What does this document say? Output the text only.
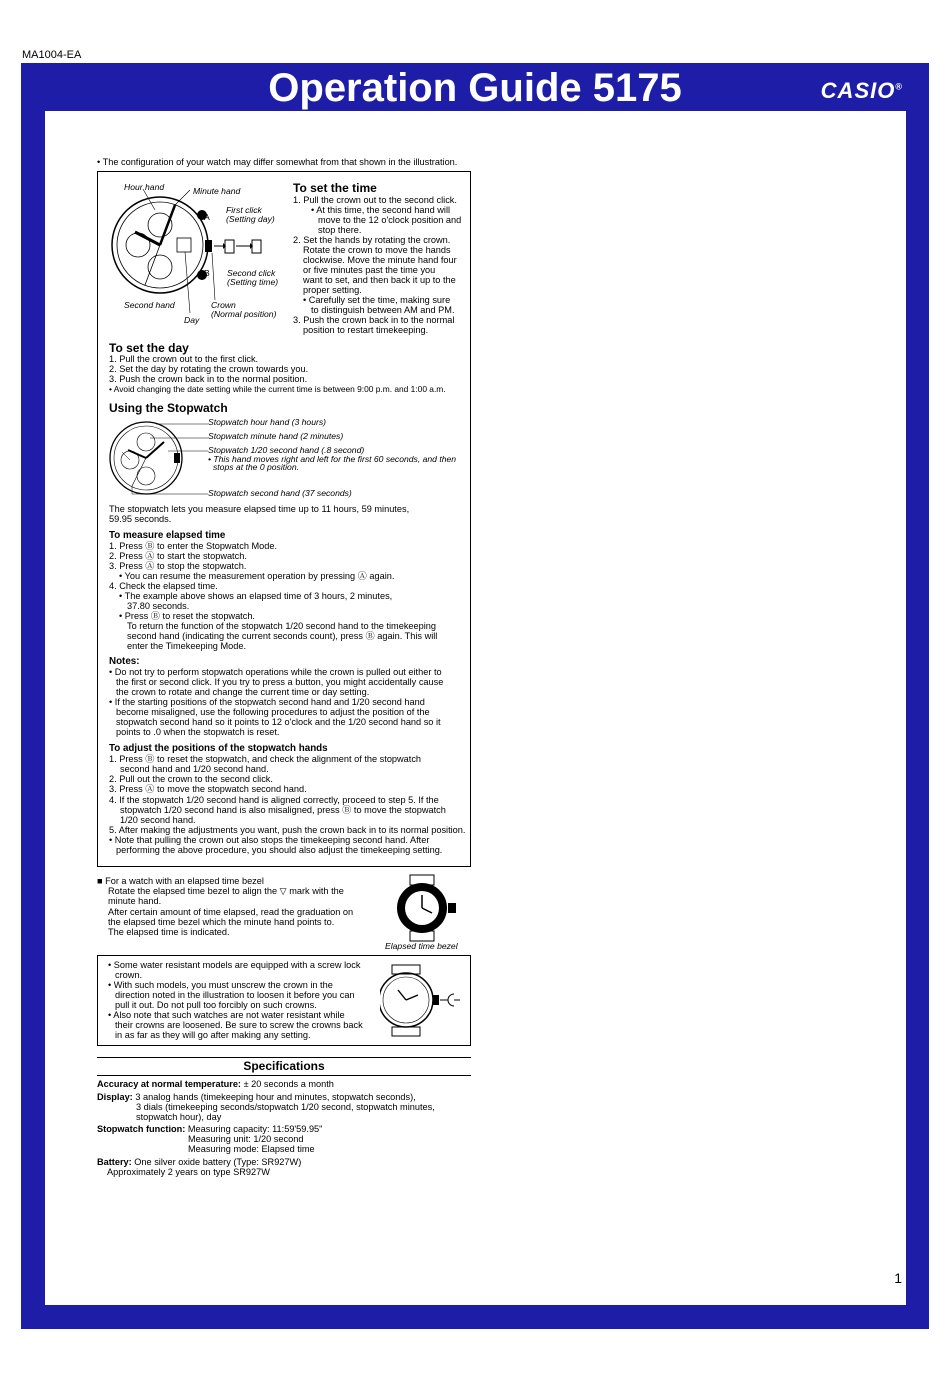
MA1004-EA
Operation Guide 5175	CASIO®
• The configuration of your watch may differ somewhat from that shown in the illustration.
Hour hand	Minute hand
First click
(Setting day)
A
B Second click
(Setting time)
Second hand	Crown
(Normal position)
Day
To set the time
1. Pull the crown out to the second click.
• At this time, the second hand will
move to the 12 o'clock position and
stop there.
2. Set the hands by rotating the crown.
Rotate the crown to move the hands
clockwise. Move the minute hand four
or five minutes past the time you
want to set, and then back it up to the
proper setting.
• Carefully set the time, making sure
to distinguish between AM and PM.
3. Push the crown back in to the normal
position to restart timekeeping.
To set the day
1. Pull the crown out to the first click.
2. Set the day by rotating the crown towards you.
3. Push the crown back in to the normal position.
• Avoid changing the date setting while the current time is between 9:00 p.m. and 1:00 a.m.
Using the Stopwatch
Stopwatch hour hand (3 hours)
Stopwatch minute hand (2 minutes)
Stopwatch 1/20 second hand (.8 second)
• This hand moves right and left for the first 60 seconds, and then
stops at the 0 position.
Stopwatch second hand (37 seconds)
The stopwatch lets you measure elapsed time up to 11 hours, 59 minutes,
59.95 seconds.
To measure elapsed time
1. Press Ⓑ to enter the Stopwatch Mode.
2. Press Ⓐ to start the stopwatch.
3. Press Ⓐ to stop the stopwatch.
• You can resume the measurement operation by pressing Ⓐ again.
4. Check the elapsed time.
• The example above shows an elapsed time of 3 hours, 2 minutes,
37.80 seconds.
• Press Ⓑ to reset the stopwatch.
To return the function of the stopwatch 1/20 second hand to the timekeeping
second hand (indicating the current seconds count), press Ⓑ again. This will
enter the Timekeeping Mode.
Notes:
• Do not try to perform stopwatch operations while the crown is pulled out either to
the first or second click. If you try to press a button, you might accidentally cause
the crown to rotate and change the current time or day setting.
• If the starting positions of the stopwatch second hand and 1/20 second hand
become misaligned, use the following procedures to adjust the position of the
stopwatch second hand so it points to 12 o'clock and the 1/20 second hand so it
points to .0 when the stopwatch is reset.
To adjust the positions of the stopwatch hands
1. Press Ⓑ to reset the stopwatch, and check the alignment of the stopwatch
second hand and 1/20 second hand.
2. Pull out the crown to the second click.
3. Press Ⓐ to move the stopwatch second hand.
4. If the stopwatch 1/20 second hand is aligned correctly, proceed to step 5. If the
stopwatch 1/20 second hand is also misaligned, press Ⓑ to move the stopwatch
1/20 second hand.
5. After making the adjustments you want, push the crown back in to its normal position.
• Note that pulling the crown out also stops the timekeeping second hand. After
performing the above procedure, you should also adjust the timekeeping setting.
■ For a watch with an elapsed time bezel
Rotate the elapsed time bezel to align the ▽ mark with the
minute hand.
After certain amount of time elapsed, read the graduation on
the elapsed time bezel which the minute hand points to.
The elapsed time is indicated.
Elapsed time bezel
• Some water resistant models are equipped with a screw lock
crown.
• With such models, you must unscrew the crown in the
direction noted in the illustration to loosen it before you can
pull it out. Do not pull too forcibly on such crowns.
• Also note that such watches are not water resistant while
their crowns are loosened. Be sure to screw the crowns back
in as far as they will go after making any setting.
Specifications
Accuracy at normal temperature: ± 20 seconds a month
Display: 3 analog hands (timekeeping hour and minutes, stopwatch seconds),
3 dials (timekeeping seconds/stopwatch 1/20 second, stopwatch minutes,
stopwatch hour), day
Stopwatch function: Measuring capacity: 11:59'59.95"
Measuring unit: 1/20 second
Measuring mode: Elapsed time
Battery: One silver oxide battery (Type: SR927W)
Approximately 2 years on type SR927W
1
